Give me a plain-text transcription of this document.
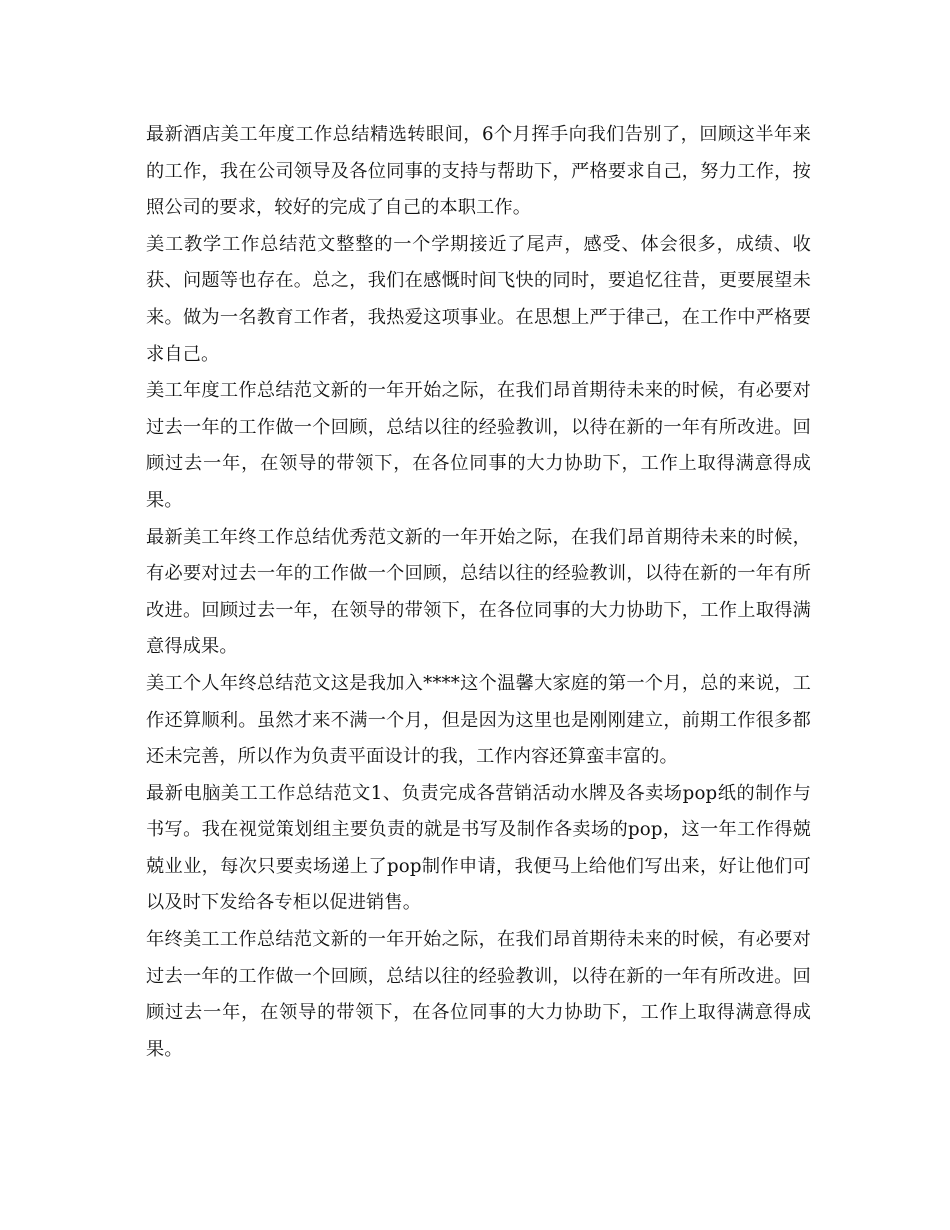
最新酒店美工年度工作总结精选转眼间，6个月挥手向我们告别了，回顾这半年来的工作，我在公司领导及各位同事的支持与帮助下，严格要求自己，努力工作，按照公司的要求，较好的完成了自己的本职工作。

美工教学工作总结范文整整的一个学期接近了尾声，感受、体会很多，成绩、收获、问题等也存在。总之，我们在感慨时间飞快的同时，要追忆往昔，更要展望未来。做为一名教育工作者，我热爱这项事业。在思想上严于律己，在工作中严格要求自己。

美工年度工作总结范文新的一年开始之际，在我们昂首期待未来的时候，有必要对过去一年的工作做一个回顾，总结以往的经验教训，以待在新的一年有所改进。回顾过去一年，在领导的带领下，在各位同事的大力协助下，工作上取得满意得成果。

最新美工年终工作总结优秀范文新的一年开始之际，在我们昂首期待未来的时候，有必要对过去一年的工作做一个回顾，总结以往的经验教训，以待在新的一年有所改进。回顾过去一年，在领导的带领下，在各位同事的大力协助下，工作上取得满意得成果。

美工个人年终总结范文这是我加入****这个温馨大家庭的第一个月，总的来说，工作还算顺利。虽然才来不满一个月，但是因为这里也是刚刚建立，前期工作很多都还未完善，所以作为负责平面设计的我，工作内容还算蛮丰富的。

最新电脑美工工作总结范文1、负责完成各营销活动水牌及各卖场pop纸的制作与书写。我在视觉策划组主要负责的就是书写及制作各卖场的pop，这一年工作得兢兢业业，每次只要卖场递上了pop制作申请，我便马上给他们写出来，好让他们可以及时下发给各专柜以促进销售。

年终美工工作总结范文新的一年开始之际，在我们昂首期待未来的时候，有必要对过去一年的工作做一个回顾，总结以往的经验教训，以待在新的一年有所改进。回顾过去一年，在领导的带领下，在各位同事的大力协助下，工作上取得满意得成果。
